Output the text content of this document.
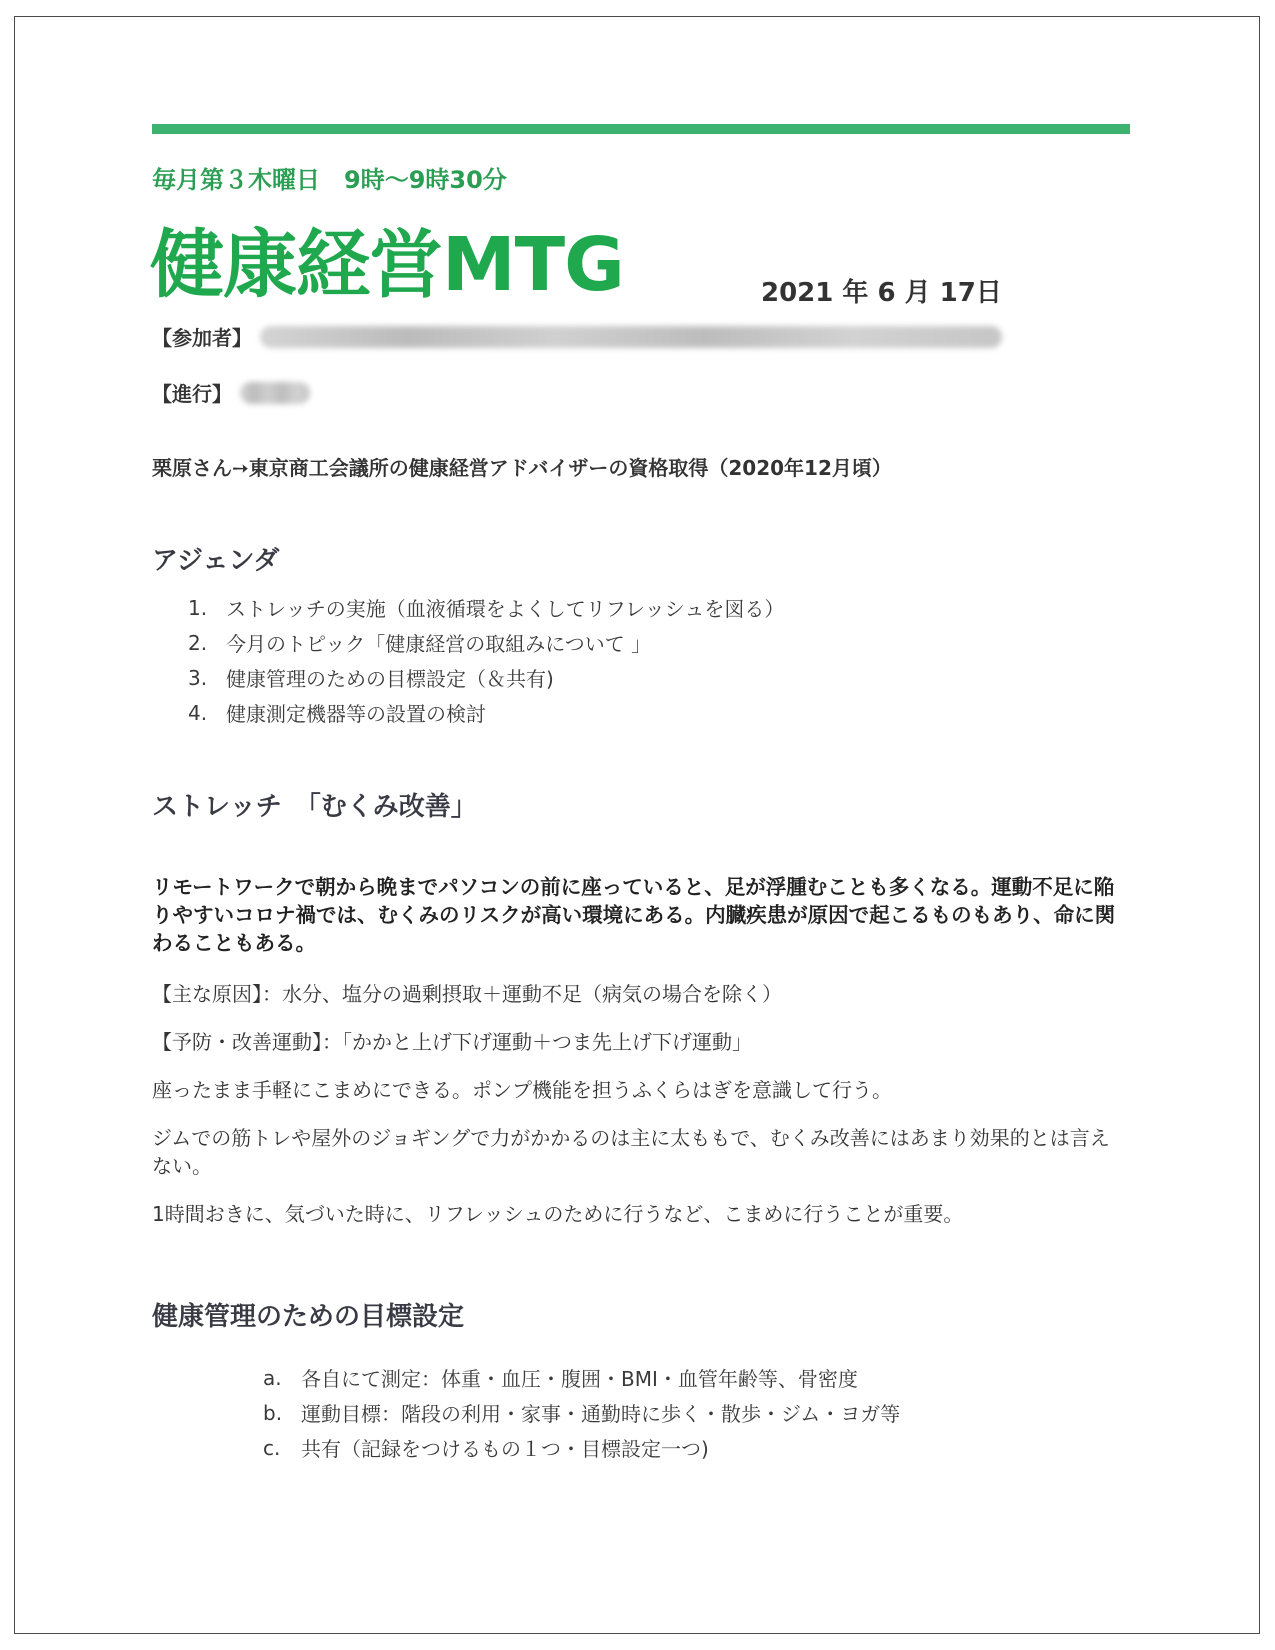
毎月第３木曜日　9時〜9時30分
健康経営MTG	2021 年 6 月 17日
【参加者】
【進行】
栗原さん➙東京商工会議所の健康経営アドバイザーの資格取得（2020年12月頃）
アジェンダ
1. ストレッチの実施（血液循環をよくしてリフレッシュを図る）
2. 今月のトピック「健康経営の取組みについて 」
3. 健康管理のための目標設定（＆共有)
4. 健康測定機器等の設置の検討
ストレッチ　「むくみ改善」
リモートワークで朝から晩までパソコンの前に座っていると、足が浮腫むことも多くなる。運動不足に陥りやすいコロナ禍では、むくみのリスクが高い環境にある。内臓疾患が原因で起こるものもあり、命に関わることもある。
【主な原因】：水分、塩分の過剰摂取＋運動不足（病気の場合を除く）
【予防・改善運動】：「かかと上げ下げ運動＋つま先上げ下げ運動」
座ったまま手軽にこまめにできる。ポンプ機能を担うふくらはぎを意識して行う。
ジムでの筋トレや屋外のジョギングで力がかかるのは主に太ももで、むくみ改善にはあまり効果的とは言えない。
1時間おきに、気づいた時に、リフレッシュのために行うなど、こまめに行うことが重要。
健康管理のための目標設定
a. 各自にて測定：体重・血圧・腹囲・BMI・血管年齢等、骨密度
b. 運動目標：階段の利用・家事・通勤時に歩く・散歩・ジム・ヨガ等
c.	共有（記録をつけるもの１つ・目標設定一つ)
